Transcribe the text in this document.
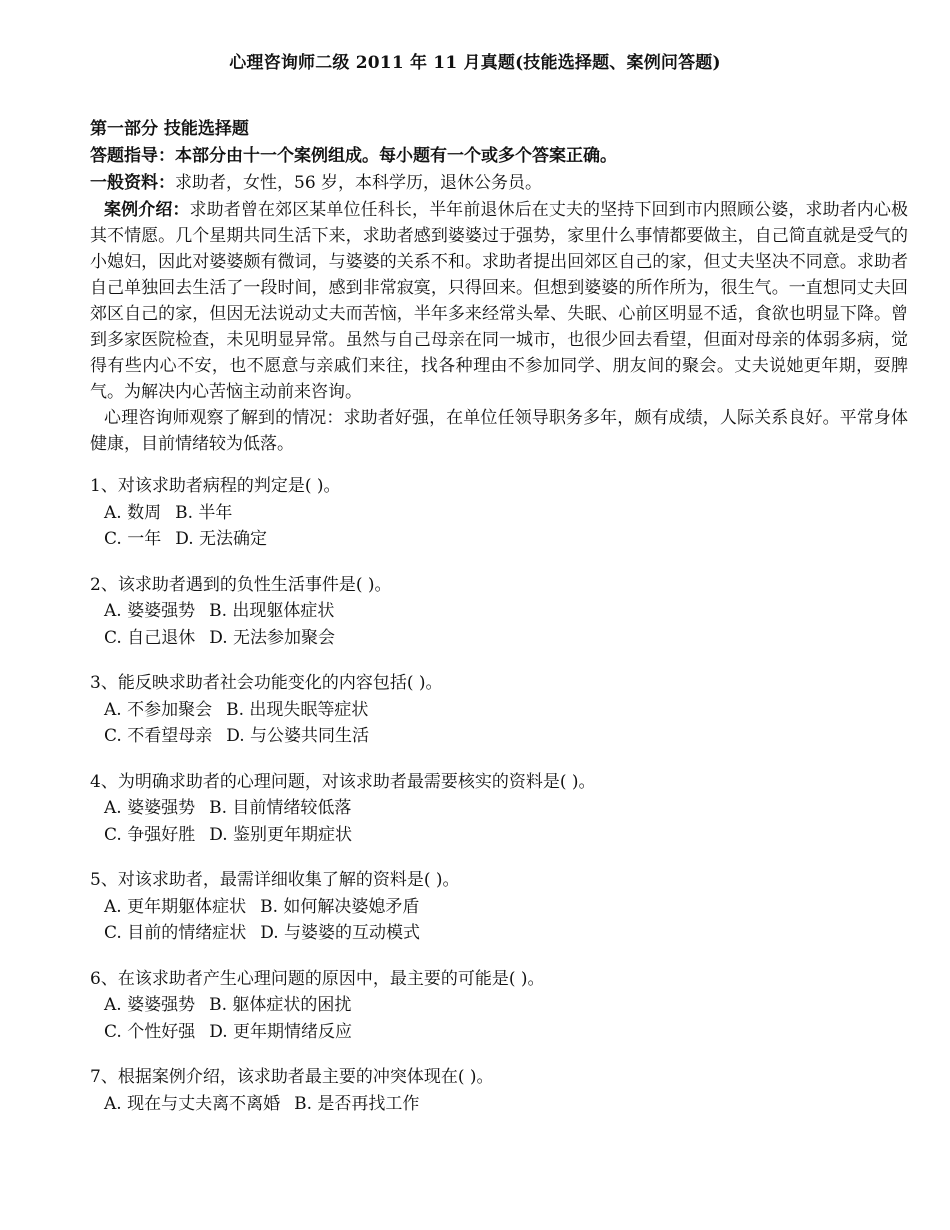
心理咨询师二级 2011 年 11 月真题(技能选择题、案例问答题)
第一部分 技能选择题
答题指导：本部分由十一个案例组成。每小题有一个或多个答案正确。
一般资料：求助者，女性，56 岁，本科学历，退休公务员。
案例介绍：求助者曾在郊区某单位任科长，半年前退休后在丈夫的坚持下回到市内照顾公婆，求助者内心极其不情愿。几个星期共同生活下来，求助者感到婆婆过于强势，家里什么事情都要做主，自己简直就是受气的小媳妇，因此对婆婆颇有微词，与婆婆的关系不和。求助者提出回郊区自己的家，但丈夫坚决不同意。求助者自己单独回去生活了一段时间，感到非常寂寞，只得回来。但想到婆婆的所作所为，很生气。一直想同丈夫回郊区自己的家，但因无法说动丈夫而苦恼，半年多来经常头晕、失眠、心前区明显不适，食欲也明显下降。曾到多家医院检查，未见明显异常。虽然与自己母亲在同一城市，也很少回去看望，但面对母亲的体弱多病，觉得有些内心不安，也不愿意与亲戚们来往，找各种理由不参加同学、朋友间的聚会。丈夫说她更年期，耍脾气。为解决内心苦恼主动前来咨询。
心理咨询师观察了解到的情况：求助者好强，在单位任领导职务多年，颇有成绩，人际关系良好。平常身体健康，目前情绪较为低落。
1、对该求助者病程的判定是( )。
A. 数周 B. 半年
C. 一年 D. 无法确定
2、该求助者遇到的负性生活事件是( )。
A. 婆婆强势 B. 出现躯体症状
C. 自己退休 D. 无法参加聚会
3、能反映求助者社会功能变化的内容包括( )。
A. 不参加聚会 B. 出现失眠等症状
C. 不看望母亲 D. 与公婆共同生活
4、为明确求助者的心理问题，对该求助者最需要核实的资料是( )。
A. 婆婆强势 B. 目前情绪较低落
C. 争强好胜 D. 鉴别更年期症状
5、对该求助者，最需详细收集了解的资料是( )。
A. 更年期躯体症状 B. 如何解决婆媳矛盾
C. 目前的情绪症状 D. 与婆婆的互动模式
6、在该求助者产生心理问题的原因中，最主要的可能是( )。
A. 婆婆强势 B. 躯体症状的困扰
C. 个性好强 D. 更年期情绪反应
7、根据案例介绍，该求助者最主要的冲突体现在( )。
A. 现在与丈夫离不离婚 B. 是否再找工作
